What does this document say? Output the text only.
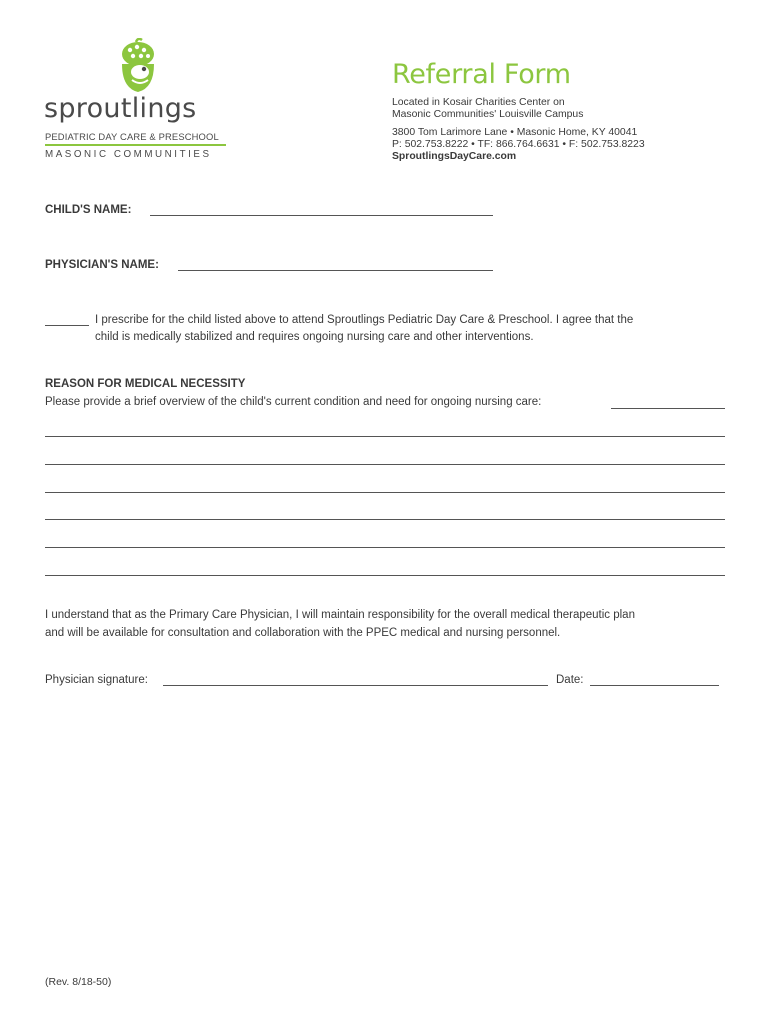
sproutlings
PEDIATRIC DAY CARE & PRESCHOOL
MASONIC COMMUNITIES
Referral Form
Located in Kosair Charities Center on
Masonic Communities' Louisville Campus
3800 Tom Larimore Lane • Masonic Home, KY 40041
P: 502.753.8222 • TF: 866.764.6631 • F: 502.753.8223
SproutlingsDayCare.com
CHILD'S NAME:
PHYSICIAN'S NAME:
I prescribe for the child listed above to attend Sproutlings Pediatric Day Care & Preschool. I agree that the
child is medically stabilized and requires ongoing nursing care and other interventions.
REASON FOR MEDICAL NECESSITY
Please provide a brief overview of the child's current condition and need for ongoing nursing care:
I understand that as the Primary Care Physician, I will maintain responsibility for the overall medical therapeutic plan
and will be available for consultation and collaboration with the PPEC medical and nursing personnel.
Physician signature:	Date:
(Rev. 8/18-50)
